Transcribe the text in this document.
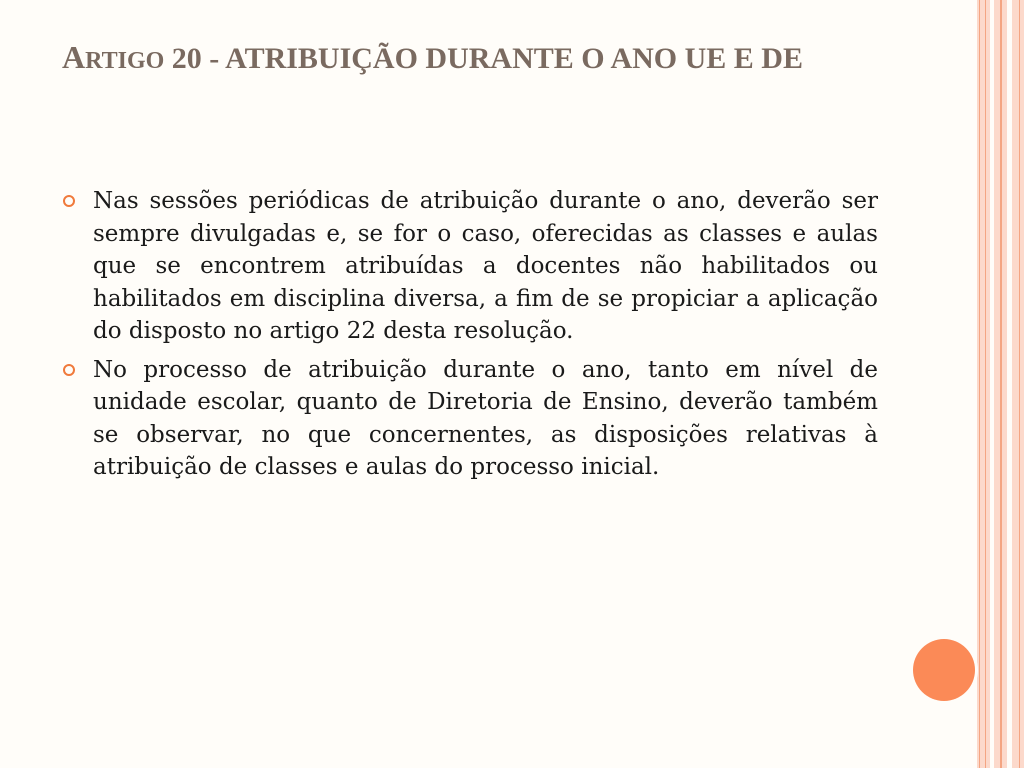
ARTIGO 20 - ATRIBUIÇÃO DURANTE O ANO UE E DE
Nas sessões periódicas de atribuição durante o ano, deverão ser sempre divulgadas e, se for o caso, oferecidas as classes e aulas que se encontrem atribuídas a docentes não habilitados ou habilitados em disciplina diversa, a fim de se propiciar a aplicação do disposto no artigo 22 desta resolução.
No processo de atribuição durante o ano, tanto em nível de unidade escolar, quanto de Diretoria de Ensino, deverão também se observar, no que concernentes, as disposições relativas à atribuição de classes e aulas do processo inicial.
